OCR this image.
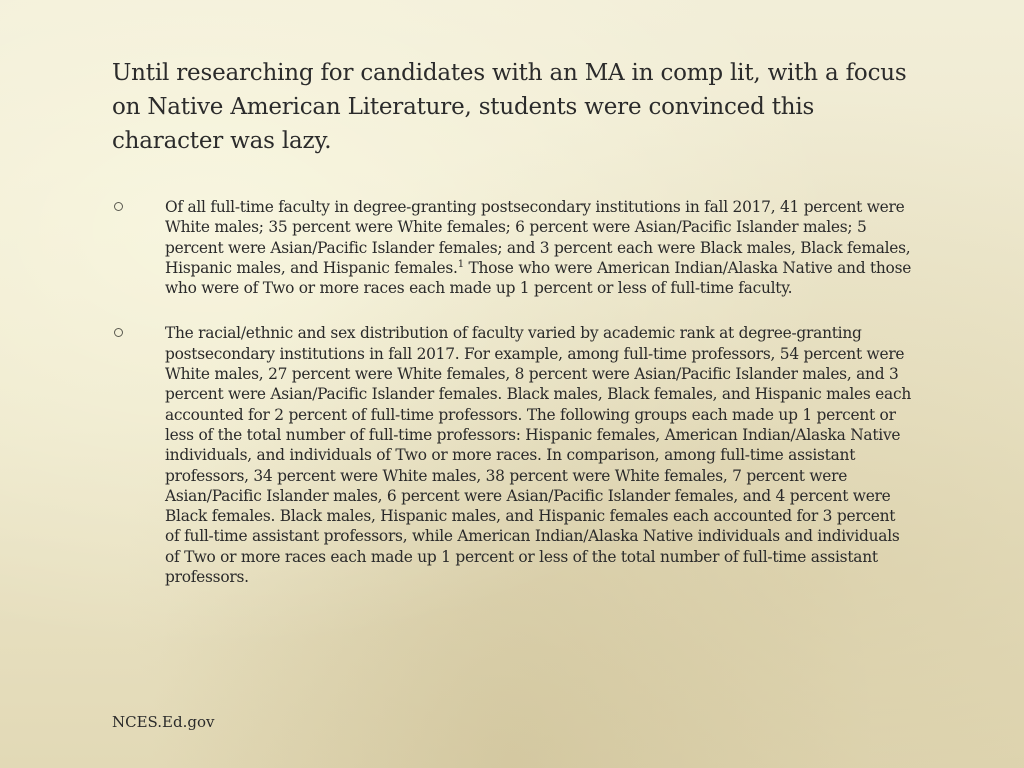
Until researching for candidates with an MA in comp lit, with a focus on Native American Literature, students were convinced this character was lazy.
Of all full-time faculty in degree-granting postsecondary institutions in fall 2017, 41 percent were White males; 35 percent were White females; 6 percent were Asian/Pacific Islander males; 5 percent were Asian/Pacific Islander females; and 3 percent each were Black males, Black females, Hispanic males, and Hispanic females.$^1$ Those who were American Indian/Alaska Native and those who were of Two or more races each made up 1 percent or less of full-time faculty.
The racial/ethnic and sex distribution of faculty varied by academic rank at degree-granting postsecondary institutions in fall 2017. For example, among full-time professors, 54 percent were White males, 27 percent were White females, 8 percent were Asian/Pacific Islander males, and 3 percent were Asian/Pacific Islander females. Black males, Black females, and Hispanic males each accounted for 2 percent of full-time professors. The following groups each made up 1 percent or less of the total number of full-time professors: Hispanic females, American Indian/Alaska Native individuals, and individuals of Two or more races. In comparison, among full-time assistant professors, 34 percent were White males, 38 percent were White females, 7 percent were Asian/Pacific Islander males, 6 percent were Asian/Pacific Islander females, and 4 percent were Black females. Black males, Hispanic males, and Hispanic females each accounted for 3 percent of full-time assistant professors, while American Indian/Alaska Native individuals and individuals of Two or more races each made up 1 percent or less of the total number of full-time assistant professors.
NCES.Ed.gov
